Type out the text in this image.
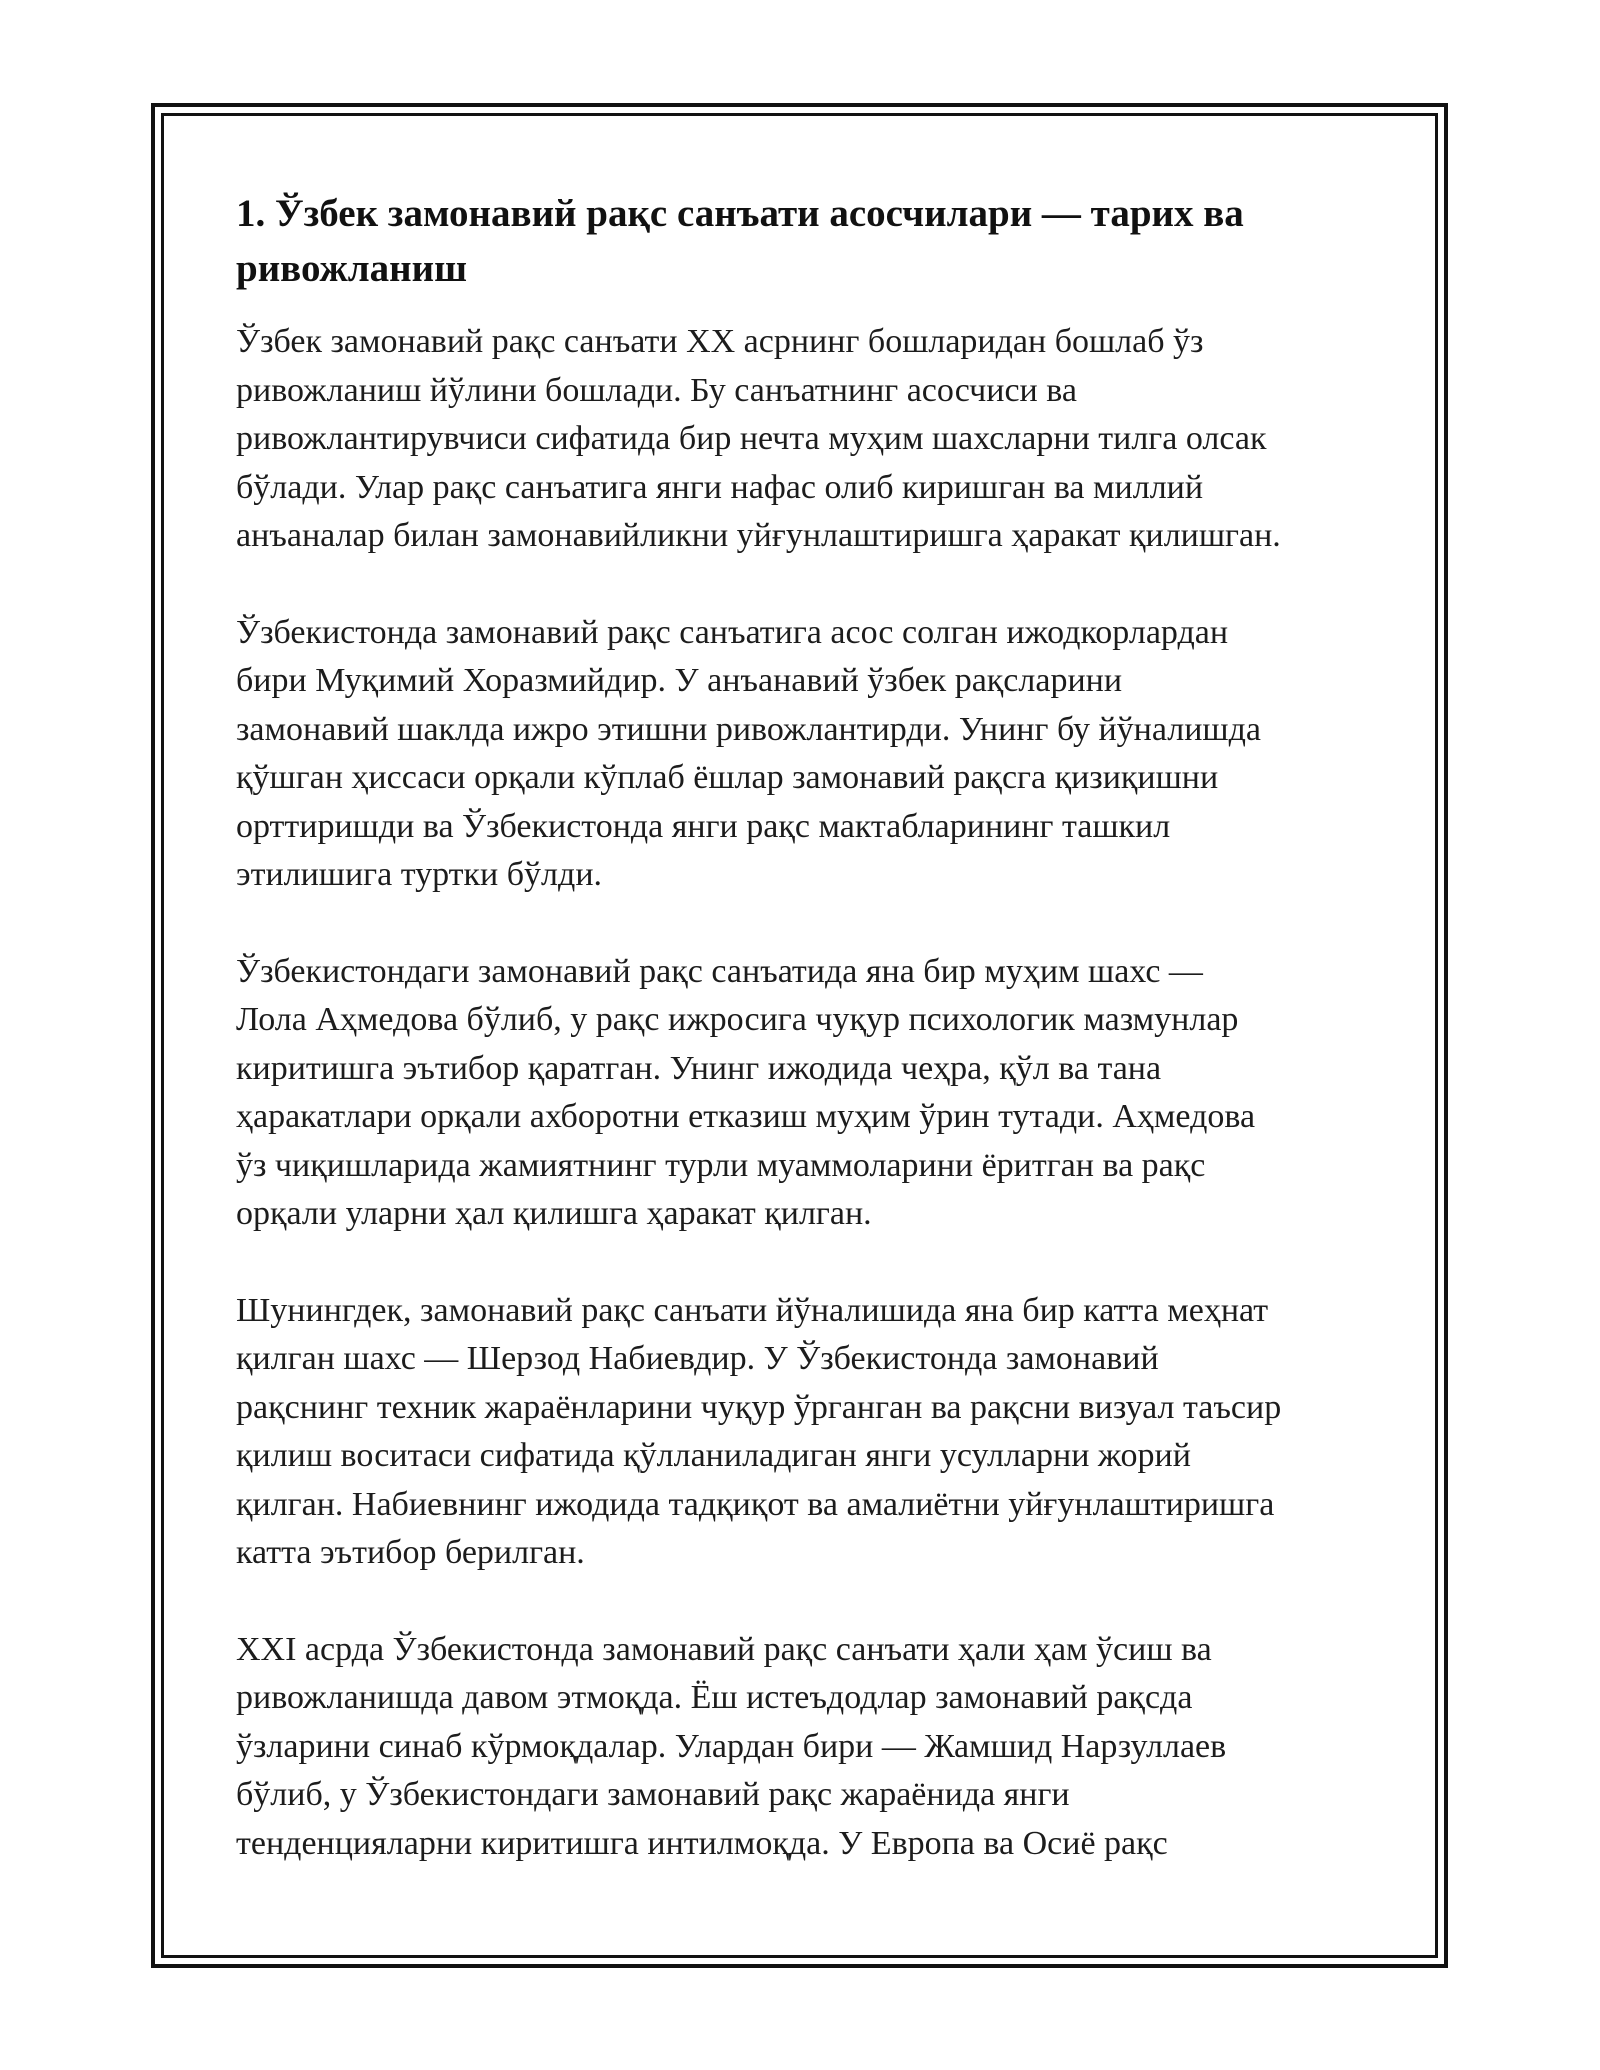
1. Ўзбек замонавий рақс санъати асосчилари — тарих ва
ривожланиш

Ўзбек замонавий рақс санъати XX асрнинг бошларидан бошлаб ўз
ривожланиш йўлини бошлади. Бу санъатнинг асосчиси ва
ривожлантирувчиси сифатида бир нечта муҳим шахсларни тилга олсак
бўлади. Улар рақс санъатига янги нафас олиб киришган ва миллий
анъаналар билан замонавийликни уйғунлаштиришга ҳаракат қилишган.

Ўзбекистонда замонавий рақс санъатига асос солган ижодкорлардан
бири Муқимий Хоразмийдир. У анъанавий ўзбек рақсларини
замонавий шаклда ижро этишни ривожлантирди. Унинг бу йўналишда
қўшган ҳиссаси орқали кўплаб ёшлар замонавий рақсга қизиқишни
орттиришди ва Ўзбекистонда янги рақс мактабларининг ташкил
этилишига туртки бўлди.

Ўзбекистондаги замонавий рақс санъатида яна бир муҳим шахс —
Лола Аҳмедова бўлиб, у рақс ижросига чуқур психологик мазмунлар
киритишга эътибор қаратган. Унинг ижодида чеҳра, қўл ва тана
ҳаракатлари орқали ахборотни етказиш муҳим ўрин тутади. Аҳмедова
ўз чиқишларида жамиятнинг турли муаммоларини ёритган ва рақс
орқали уларни ҳал қилишга ҳаракат қилган.

Шунингдек, замонавий рақс санъати йўналишида яна бир катта меҳнат
қилган шахс — Шерзод Набиевдир. У Ўзбекистонда замонавий
рақснинг техник жараёнларини чуқур ўрганган ва рақсни визуал таъсир
қилиш воситаси сифатида қўлланиладиган янги усулларни жорий
қилган. Набиевнинг ижодида тадқиқот ва амалиётни уйғунлаштиришга
катта эътибор берилган.

XXI асрда Ўзбекистонда замонавий рақс санъати ҳали ҳам ўсиш ва
ривожланишда давом этмоқда. Ёш истеъдодлар замонавий рақсда
ўзларини синаб кўрмоқдалар. Улардан бири — Жамшид Нарзуллаев
бўлиб, у Ўзбекистондаги замонавий рақс жараёнида янги
тенденцияларни киритишга интилмоқда. У Европа ва Осиё рақс
